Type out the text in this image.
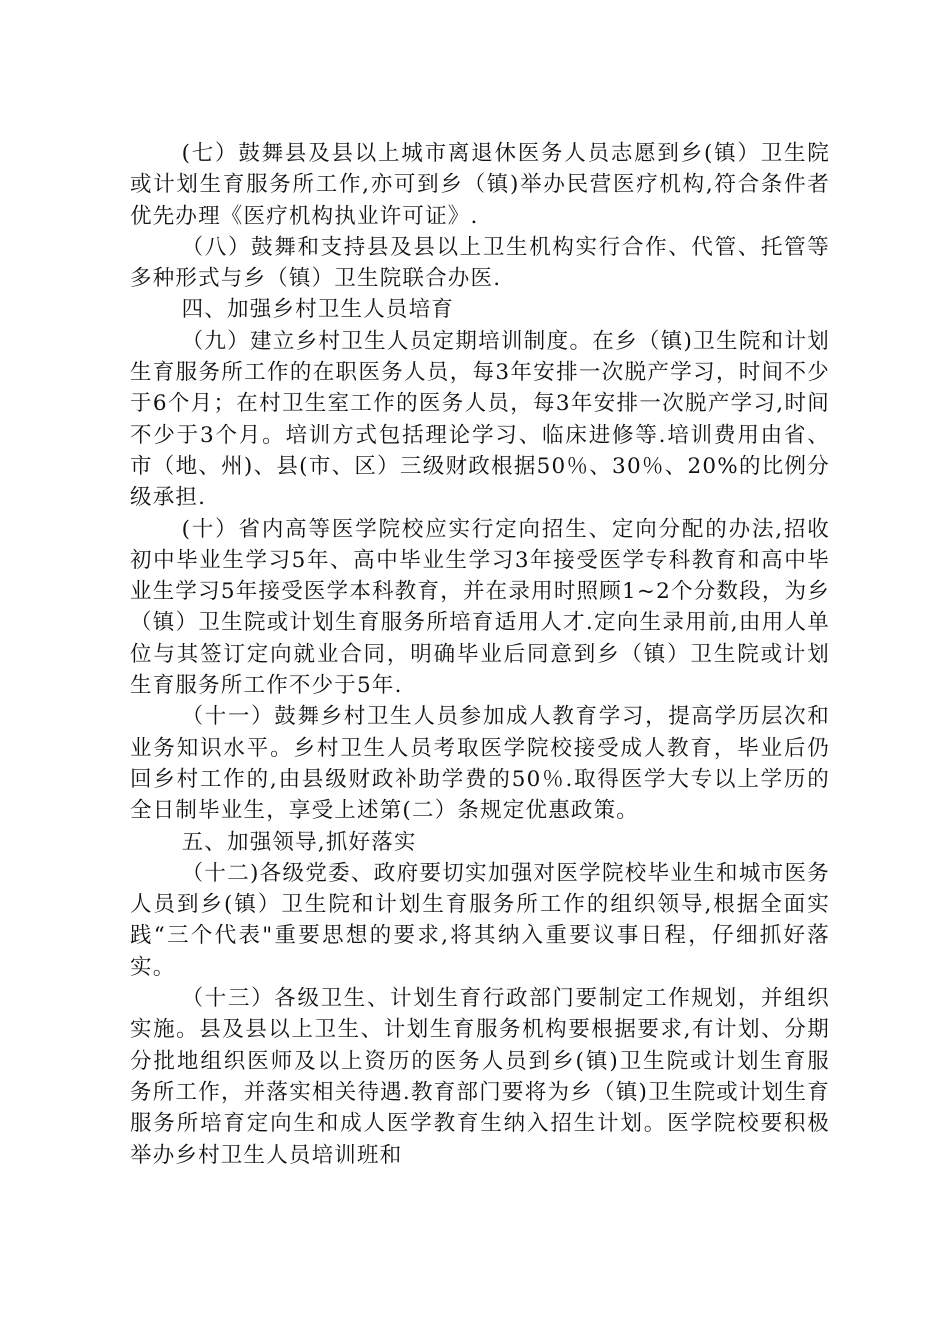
(七）鼓舞县及县以上城市离退休医务人员志愿到乡(镇）卫生院或计划生育服务所工作,亦可到乡（镇)举办民营医疗机构,符合条件者优先办理《医疗机构执业许可证》.

（八）鼓舞和支持县及县以上卫生机构实行合作、代管、托管等多种形式与乡（镇）卫生院联合办医.

四、加强乡村卫生人员培育

（九）建立乡村卫生人员定期培训制度。在乡（镇)卫生院和计划生育服务所工作的在职医务人员，每3年安排一次脱产学习，时间不少于6个月；在村卫生室工作的医务人员，每3年安排一次脱产学习,时间不少于3个月。培训方式包括理论学习、临床进修等.培训费用由省、市（地、州)、县(市、区）三级财政根据50％、30％、20%的比例分级承担.

(十）省内高等医学院校应实行定向招生、定向分配的办法,招收初中毕业生学习5年、高中毕业生学习3年接受医学专科教育和高中毕业生学习5年接受医学本科教育，并在录用时照顾1~2个分数段，为乡（镇）卫生院或计划生育服务所培育适用人才.定向生录用前,由用人单位与其签订定向就业合同，明确毕业后同意到乡（镇）卫生院或计划生育服务所工作不少于5年.

（十一）鼓舞乡村卫生人员参加成人教育学习，提高学历层次和业务知识水平。乡村卫生人员考取医学院校接受成人教育，毕业后仍回乡村工作的,由县级财政补助学费的50％.取得医学大专以上学历的全日制毕业生，享受上述第(二）条规定优惠政策。

五、加强领导,抓好落实

（十二)各级党委、政府要切实加强对医学院校毕业生和城市医务人员到乡(镇）卫生院和计划生育服务所工作的组织领导,根据全面实践“三个代表"重要思想的要求,将其纳入重要议事日程，仔细抓好落实。

（十三）各级卫生、计划生育行政部门要制定工作规划，并组织实施。县及县以上卫生、计划生育服务机构要根据要求,有计划、分期分批地组织医师及以上资历的医务人员到乡(镇)卫生院或计划生育服务所工作，并落实相关待遇.教育部门要将为乡（镇)卫生院或计划生育服务所培育定向生和成人医学教育生纳入招生计划。医学院校要积极举办乡村卫生人员培训班和
